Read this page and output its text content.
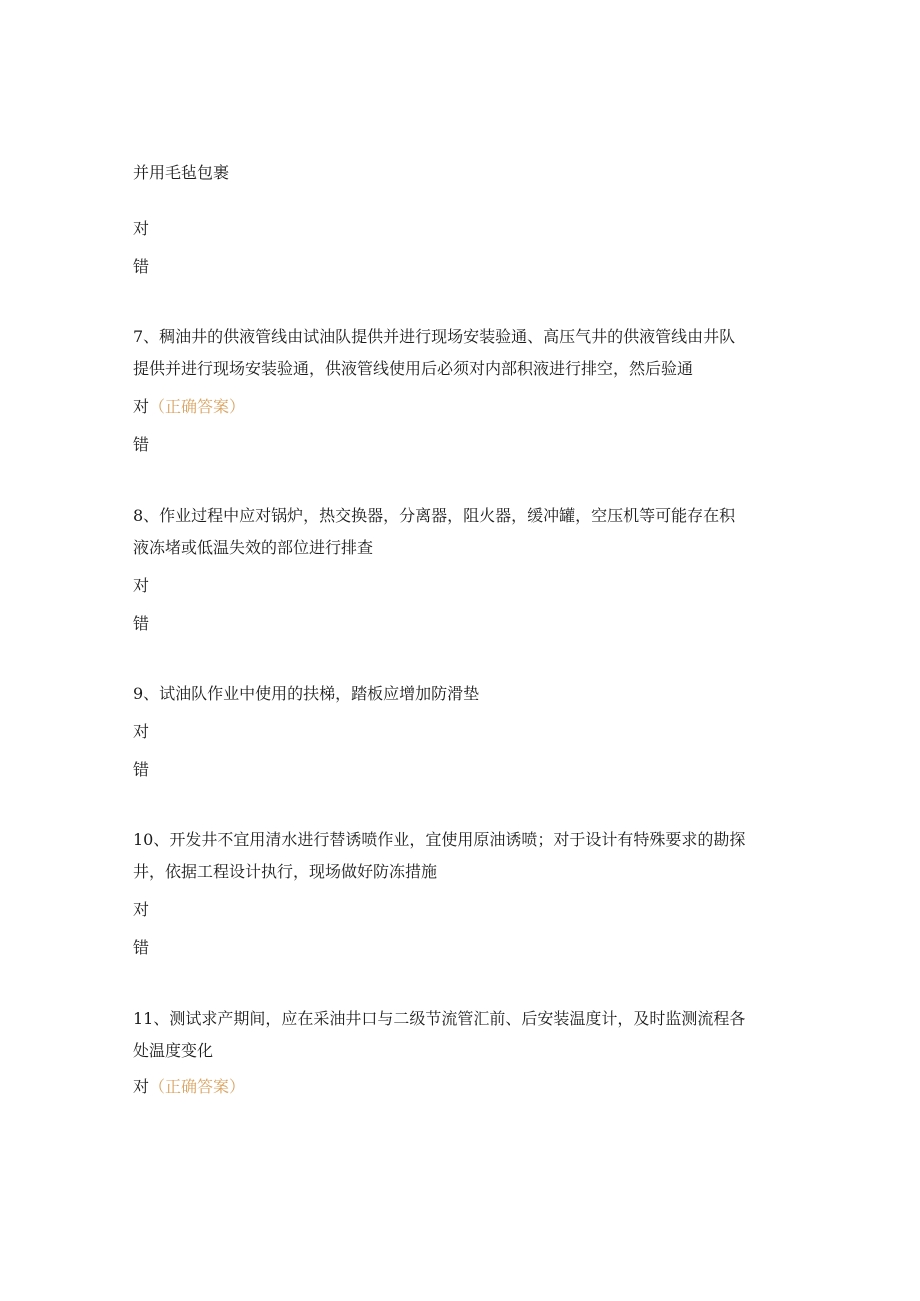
并用毛毡包裹
对
错
7、稠油井的供液管线由试油队提供并进行现场安装验通、高压气井的供液管线由井队
提供并进行现场安装验通，供液管线使用后必须对内部积液进行排空，然后验通
对（正确答案）
错
8、作业过程中应对锅炉，热交换器，分离器，阻火器，缓冲罐，空压机等可能存在积
液冻堵或低温失效的部位进行排查
对
错
9、试油队作业中使用的扶梯，踏板应增加防滑垫
对
错
10、开发井不宜用清水进行替诱喷作业，宜使用原油诱喷；对于设计有特殊要求的勘探
井，依据工程设计执行，现场做好防冻措施
对
错
11、测试求产期间，应在采油井口与二级节流管汇前、后安装温度计，及时监测流程各
处温度变化
对（正确答案）
